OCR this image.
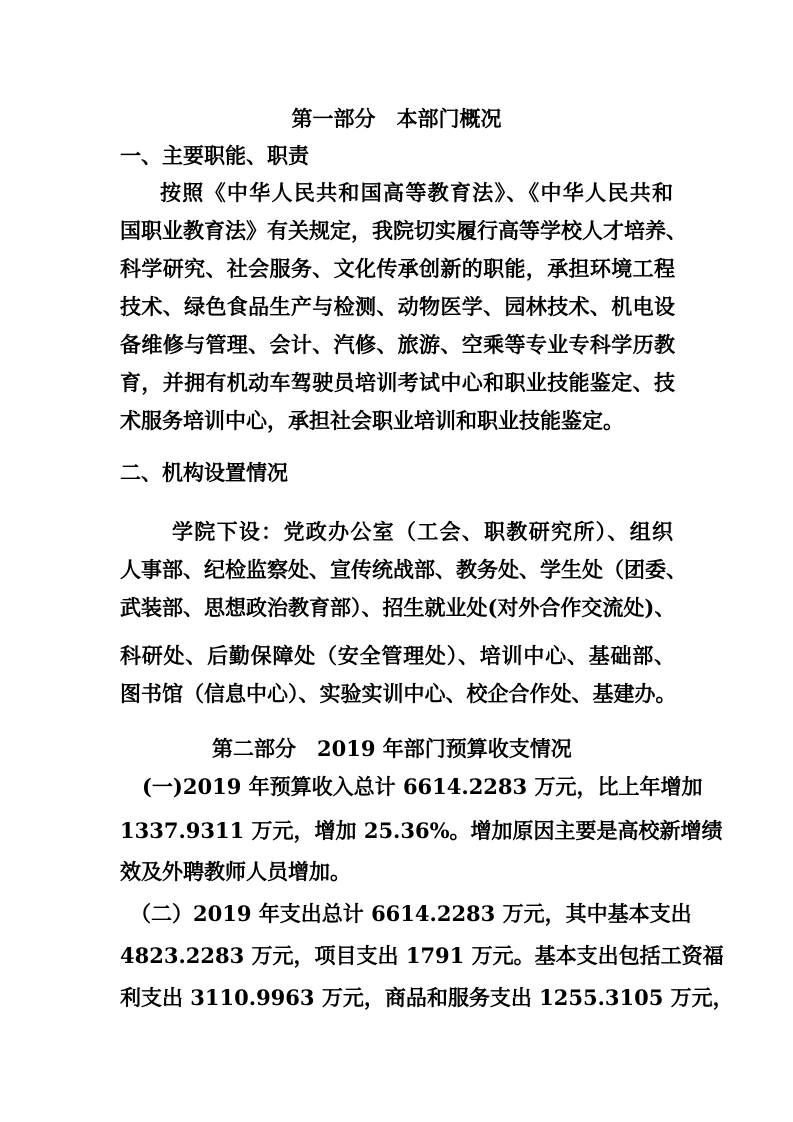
第一部分　本部门概况
一、主要职能、职责
按照《中华人民共和国高等教育法》、《中华人民共和
国职业教育法》有关规定，我院切实履行高等学校人才培养、
科学研究、社会服务、文化传承创新的职能，承担环境工程
技术、绿色食品生产与检测、动物医学、园林技术、机电设
备维修与管理、会计、汽修、旅游、空乘等专业专科学历教
育，并拥有机动车驾驶员培训考试中心和职业技能鉴定、技
术服务培训中心，承担社会职业培训和职业技能鉴定。
二、机构设置情况
学院下设：党政办公室（工会、职教研究所）、组织
人事部、纪检监察处、宣传统战部、教务处、学生处（团委、
武装部、思想政治教育部）、招生就业处(对外合作交流处)、
科研处、后勤保障处（安全管理处）、培训中心、基础部、
图书馆（信息中心）、实验实训中心、校企合作处、基建办。
第二部分　2019 年部门预算收支情况
(一)2019 年预算收入总计 6614.2283 万元，比上年增加
1337.9311 万元，增加 25.36%。增加原因主要是高校新增绩
效及外聘教师人员增加。
（二）2019 年支出总计 6614.2283 万元，其中基本支出
4823.2283 万元，项目支出 1791 万元。基本支出包括工资福
利支出 3110.9963 万元，商品和服务支出 1255.3105 万元，
